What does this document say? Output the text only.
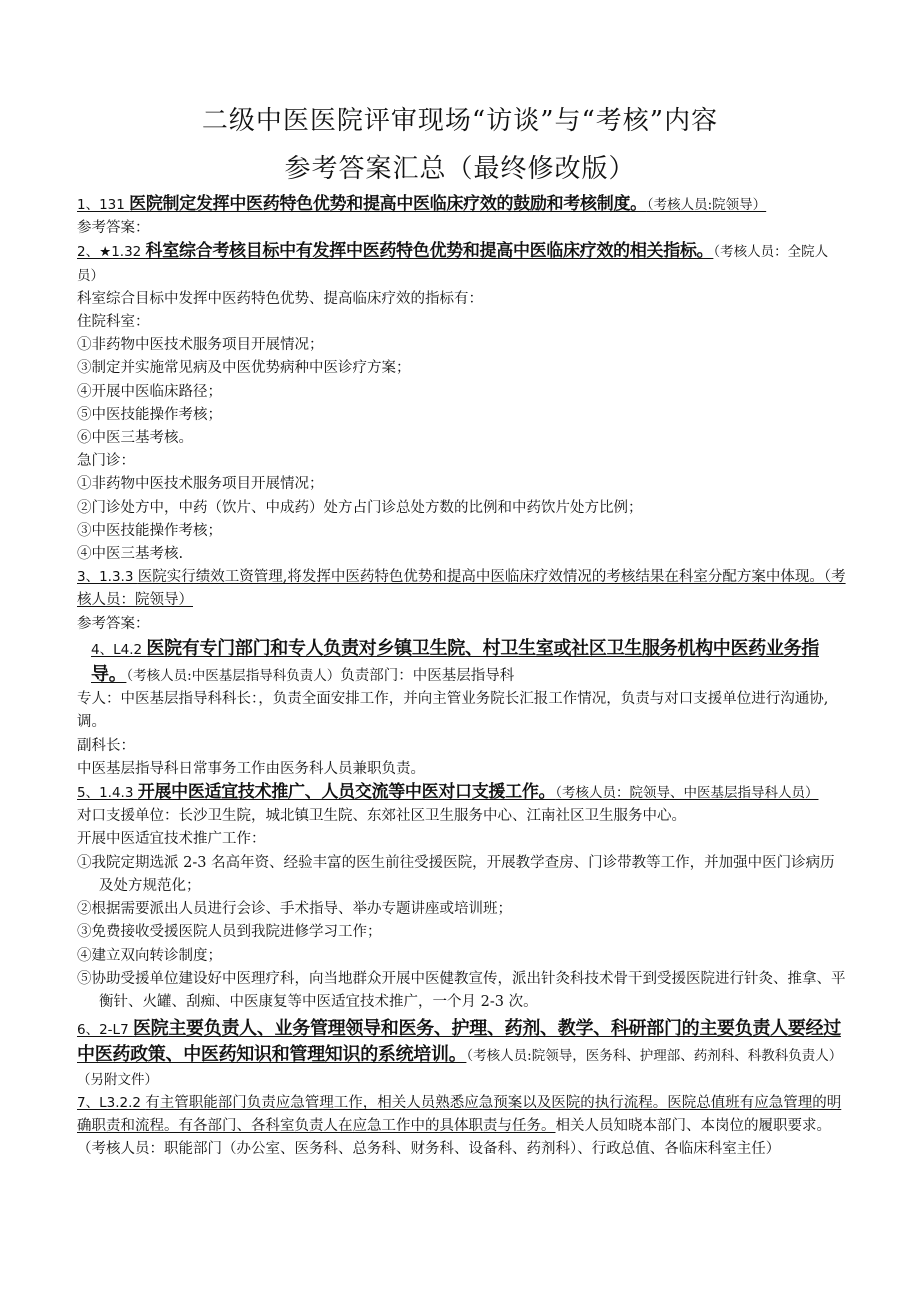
二级中医医院评审现场“访谈”与“考核”内容
参考答案汇总（最终修改版）

1、131 医院制定发挥中医药特色优势和提高中医临床疗效的鼓励和考核制度。（考核人员:院领导）

参考答案：

2、★1.32 科室综合考核目标中有发挥中医药特色优势和提高中医临床疗效的相关指标。（考核人员：全院人员）

科室综合目标中发挥中医药特色优势、提高临床疗效的指标有：

住院科室：

①非药物中医技术服务项目开展情况；

③制定并实施常见病及中医优势病种中医诊疗方案；

④开展中医临床路径；

⑤中医技能操作考核；

⑥中医三基考核。

急门诊：

①非药物中医技术服务项目开展情况；

②门诊处方中，中药（饮片、中成药）处方占门诊总处方数的比例和中药饮片处方比例；

③中医技能操作考核；

④中医三基考核.

3、1.3.3 医院实行绩效工资管理,将发挥中医药特色优势和提高中医临床疗效情况的考核结果在科室分配方案中体现。（考核人员：院领导）

参考答案：

4、L4.2 医院有专门部门和专人负责对乡镇卫生院、村卫生室或社区卫生服务机构中医药业务指导。（考核人员:中医基层指导科负责人）负责部门：中医基层指导科

专人：中医基层指导科科长：，负责全面安排工作，并向主管业务院长汇报工作情况，负责与对口支援单位进行沟通协, 调。

副科长：

中医基层指导科日常事务工作由医务科人员兼职负责。

5、1.4.3 开展中医适宜技术推广、人员交流等中医对口支援工作。（考核人员：院领导、中医基层指导科人员）

对口支援单位：长沙卫生院，城北镇卫生院、东郊社区卫生服务中心、江南社区卫生服务中心。

开展中医适宜技术推广工作：

①我院定期选派 2-3 名高年资、经验丰富的医生前往受援医院，开展教学查房、门诊带教等工作，并加强中医门诊病历及处方规范化；

②根据需要派出人员进行会诊、手术指导、举办专题讲座或培训班；

③免费接收受援医院人员到我院进修学习工作；

④建立双向转诊制度；

⑤协助受援单位建设好中医理疗科，向当地群众开展中医健教宣传，派出针灸科技术骨干到受援医院进行针灸、推拿、平衡针、火罐、刮痴、中医康复等中医适宜技术推广，一个月 2-3 次。

6、2-L7 医院主要负责人、业务管理领导和医务、护理、药剂、教学、科研部门的主要负责人要经过中医药政策、中医药知识和管理知识的系统培训。（考核人员:院领导，医务科、护理部、药剂科、科教科负责人）（另附文件）

7、L3.2.2 有主管职能部门负责应急管理工作，相关人员熟悉应急预案以及医院的执行流程。医院总值班有应急管理的明确职责和流程。有各部门、各科室负责人在应急工作中的具体职责与任务。相关人员知晓本部门、本岗位的履职要求。（考核人员：职能部门（办公室、医务科、总务科、财务科、设备科、药剂科）、行政总值、各临床科室主任）
